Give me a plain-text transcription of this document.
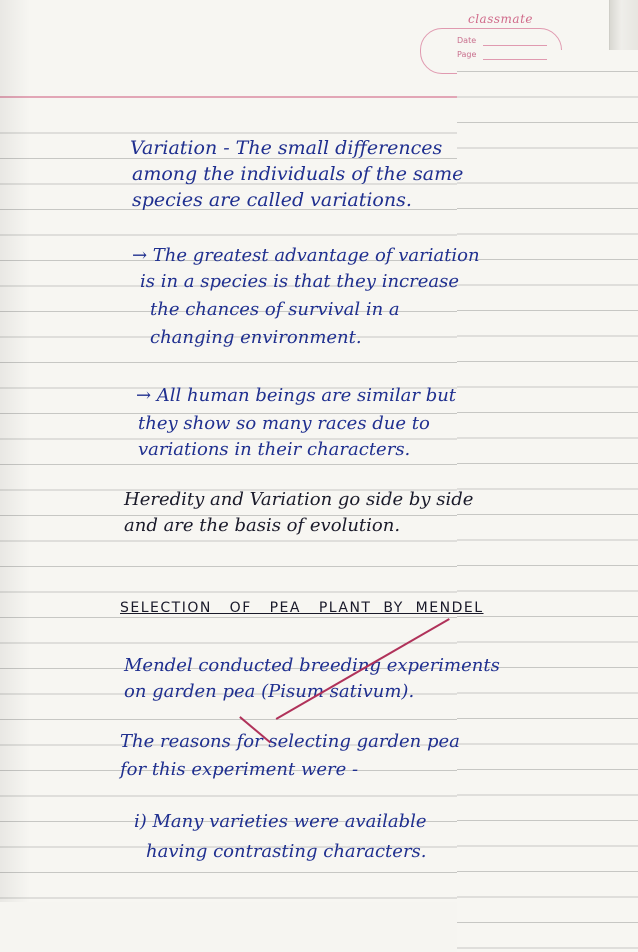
classmate
Date
Page
Variation - The small differences
among the individuals of the same
species are called variations.
→ The greatest advantage of variation
is in a species is that they increase
the chances of survival in a
changing environment.
→ All human beings are similar but
they show so many races due to
variations in their characters.
Heredity and Variation go side by side
and are the basis of evolution.
SELECTION   OF   PEA   PLANT  BY  MENDEL
Mendel conducted breeding experiments
on garden pea (Pisum sativum).
The reasons for selecting garden pea
for this experiment were -
i) Many varieties were available
having contrasting characters.
